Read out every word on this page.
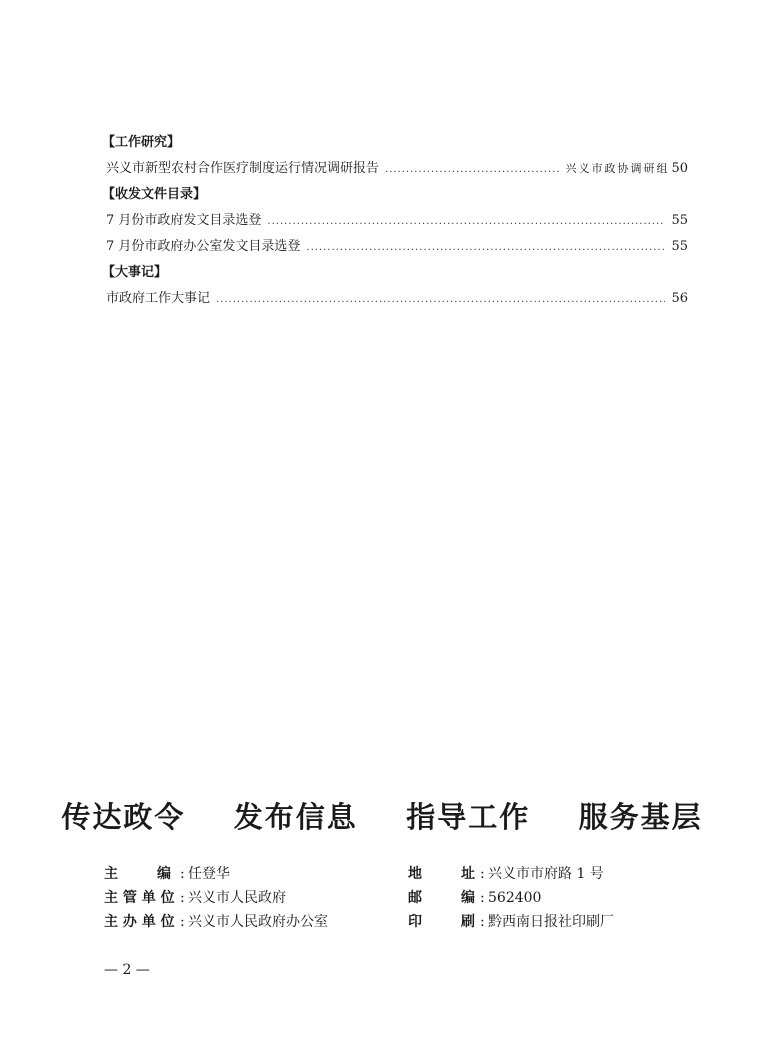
【工作研究】
兴义市新型农村合作医疗制度运行情况调研报告 .....	兴义市政协调研组 50
【收发文件目录】
7 月份市政府发文目录选登 .....	55
7 月份市政府办公室发文目录选登 .....	55
【大事记】
市政府工作大事记 .....	56
传达政令    发布信息    指导工作    服务基层
主        编 : 任登华	地        址 : 兴义市市府路 1 号
主 管 单 位 : 兴义市人民政府	邮        编 : 562400
主 办 单 位 : 兴义市人民政府办公室	印        刷 : 黔西南日报社印刷厂
— 2 —
